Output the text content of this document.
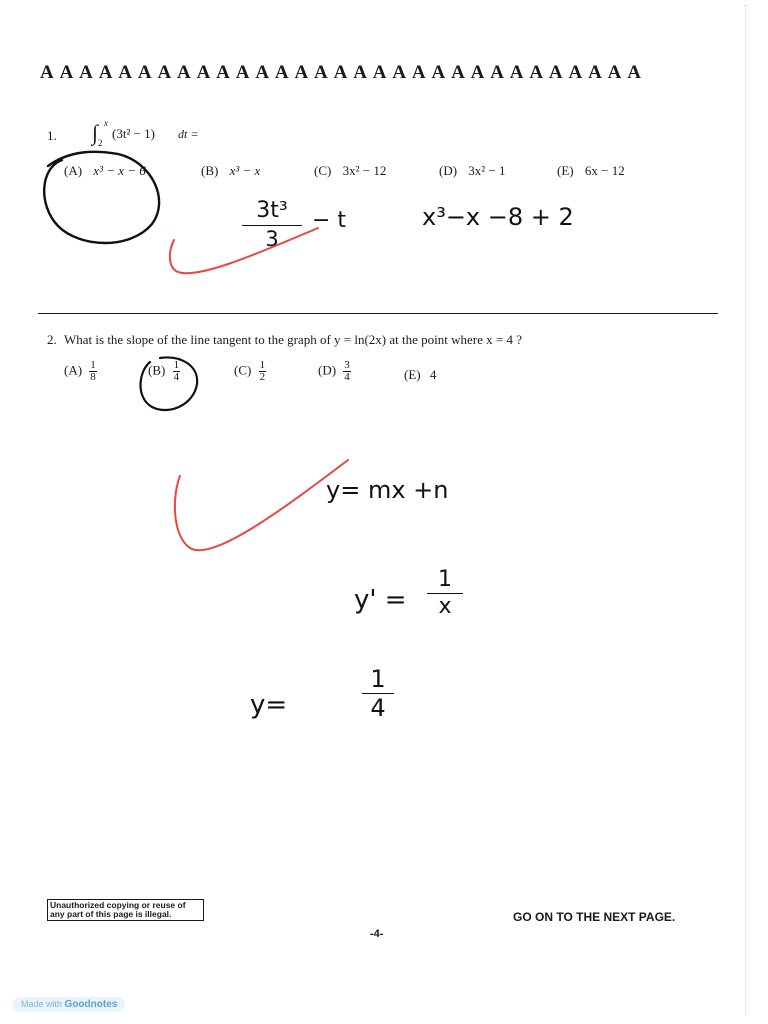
A A A A A A A A A A A A A A A A A A A A A A A A A A A A A A A
1. ∫ x
2
(3t² − 1) dt =
(A) x³ − x − 6	(B) x³ − x	(C) 3x² − 12	(D) 3x² − 1	(E) 6x − 12
3t³
3
− t	x³−x −8 + 2
2. What is the slope of the line tangent to the graph of y = ln(2x) at the point where x = 4 ?
$(A) \frac{1}{8}$	$(B) \frac{1}{4}$	$(C) \frac{1}{2}$	$(D) \frac{3}{4}$	(E) 4
y= mx +n
y' =
1
x
y=
1
4
Unauthorized copying or reuse of any part of this page is illegal.	GO ON TO THE NEXT PAGE.
-4-
Made with Goodnotes
